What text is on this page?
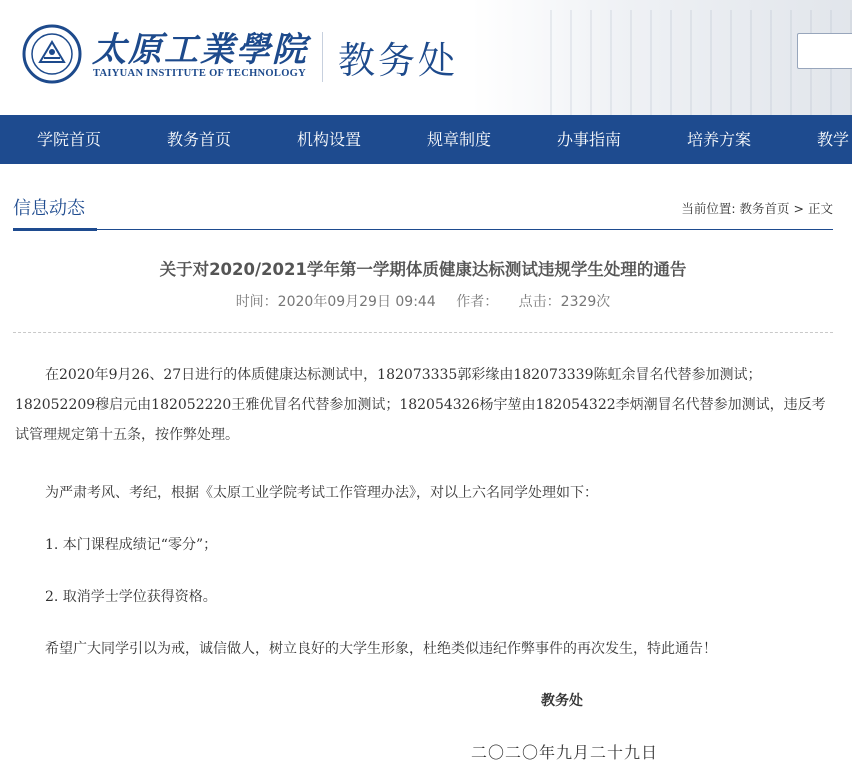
太原工業學院
TAIYUAN INSTITUTE OF TECHNOLOGY 教务处
学院首页	教务首页	机构设置	规章制度	办事指南	培养方案	教学
信息动态	当前位置: 教务首页 > 正文
关于对2020/2021学年第一学期体质健康达标测试违规学生处理的通告
时间：2020年09月29日 09:44 作者： 点击：2329次
在2020年9月26、27日进行的体质健康达标测试中，182073335郭彩缘由182073339陈虹余冒名代替参加测试；182052209穆启元由182052220王雅优冒名代替参加测试；182054326杨宇堃由182054322李炳潮冒名代替参加测试，违反考试管理规定第十五条，按作弊处理。
为严肃考风、考纪，根据《太原工业学院考试工作管理办法》，对以上六名同学处理如下：
1. 本门课程成绩记“零分”；
2. 取消学士学位获得资格。
希望广大同学引以为戒，诚信做人，树立良好的大学生形象，杜绝类似违纪作弊事件的再次发生，特此通告！
教务处
二〇二〇年九月二十九日
